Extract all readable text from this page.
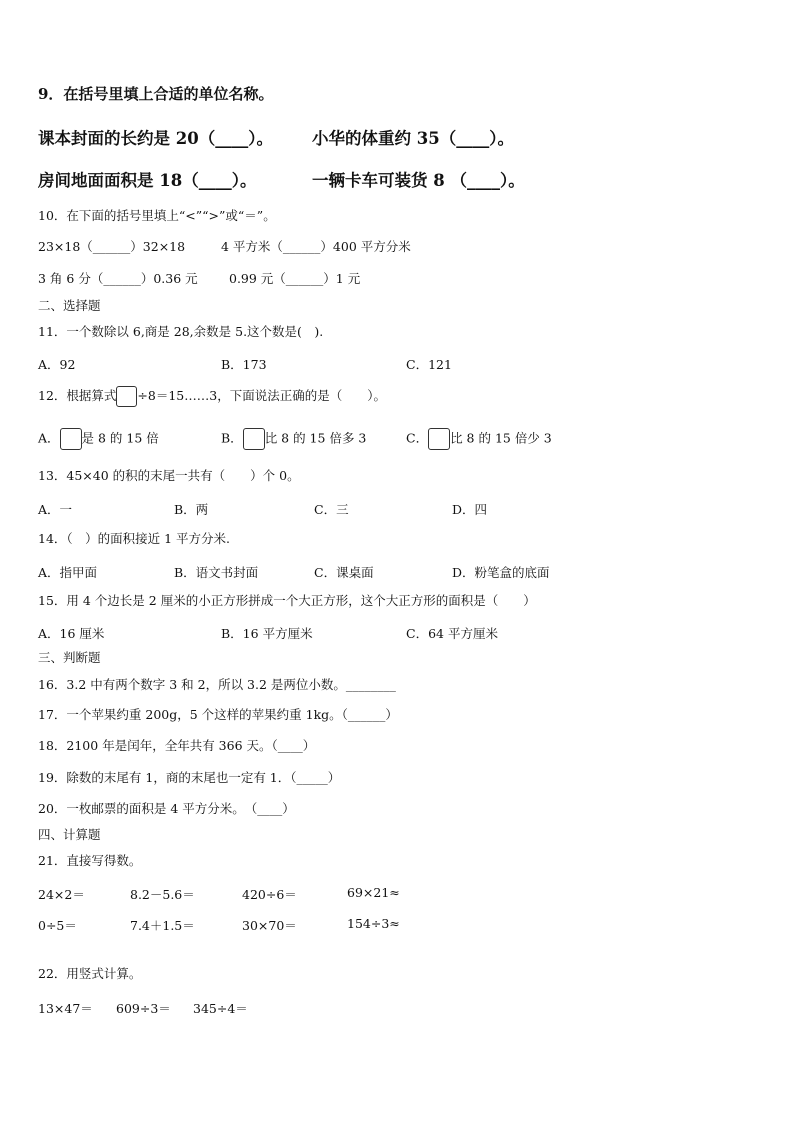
9．在括号里填上合适的单位名称。
课本封面的长约是 20（____）。 小华的体重约 35（____）。
房间地面面积是 18（____）。	一辆卡车可装货 8 （____）。
10．在下面的括号里填上“<”“>”或“＝”。
23×18（______）32×18	4 平方米（______）400 平方分米
3 角 6 分（______）0.36 元	0.99 元（______）1 元
二、选择题
11．一个数除以 6,商是 28,余数是 5.这个数是(　).
A．92	B．173	C．121
12．根据算式 ÷8＝15……3，下面说法正确的是（　　）。
A． 是 8 的 15 倍	B． 比 8 的 15 倍多 3	C． 比 8 的 15 倍少 3
13．45×40 的积的末尾一共有（　　）个 0。
A．一	B．两	C．三	D．四
14．（　）的面积接近 1 平方分米.
A．指甲面	B．语文书封面	C．课桌面	D．粉笔盒的底面
15．用 4 个边长是 2 厘米的小正方形拼成一个大正方形，这个大正方形的面积是（　　）
A．16 厘米	B．16 平方厘米	C．64 平方厘米
三、判断题
16．3.2 中有两个数字 3 和 2，所以 3.2 是两位小数。________
17．一个苹果约重 200g，5 个这样的苹果约重 1kg。（______）
18．2100 年是闰年，全年共有 366 天。（____）
19．除数的末尾有 1，商的末尾也一定有 1．（_____）
20．一枚邮票的面积是 4 平方分米。　（____）
四、计算题
21．直接写得数。
24×2＝	8.2－5.6＝	420÷6＝	69×21≈
0÷5＝	7.4＋1.5＝	30×70＝	154÷3≈
22．用竖式计算。
13×47＝ 609÷3＝ 345÷4＝
